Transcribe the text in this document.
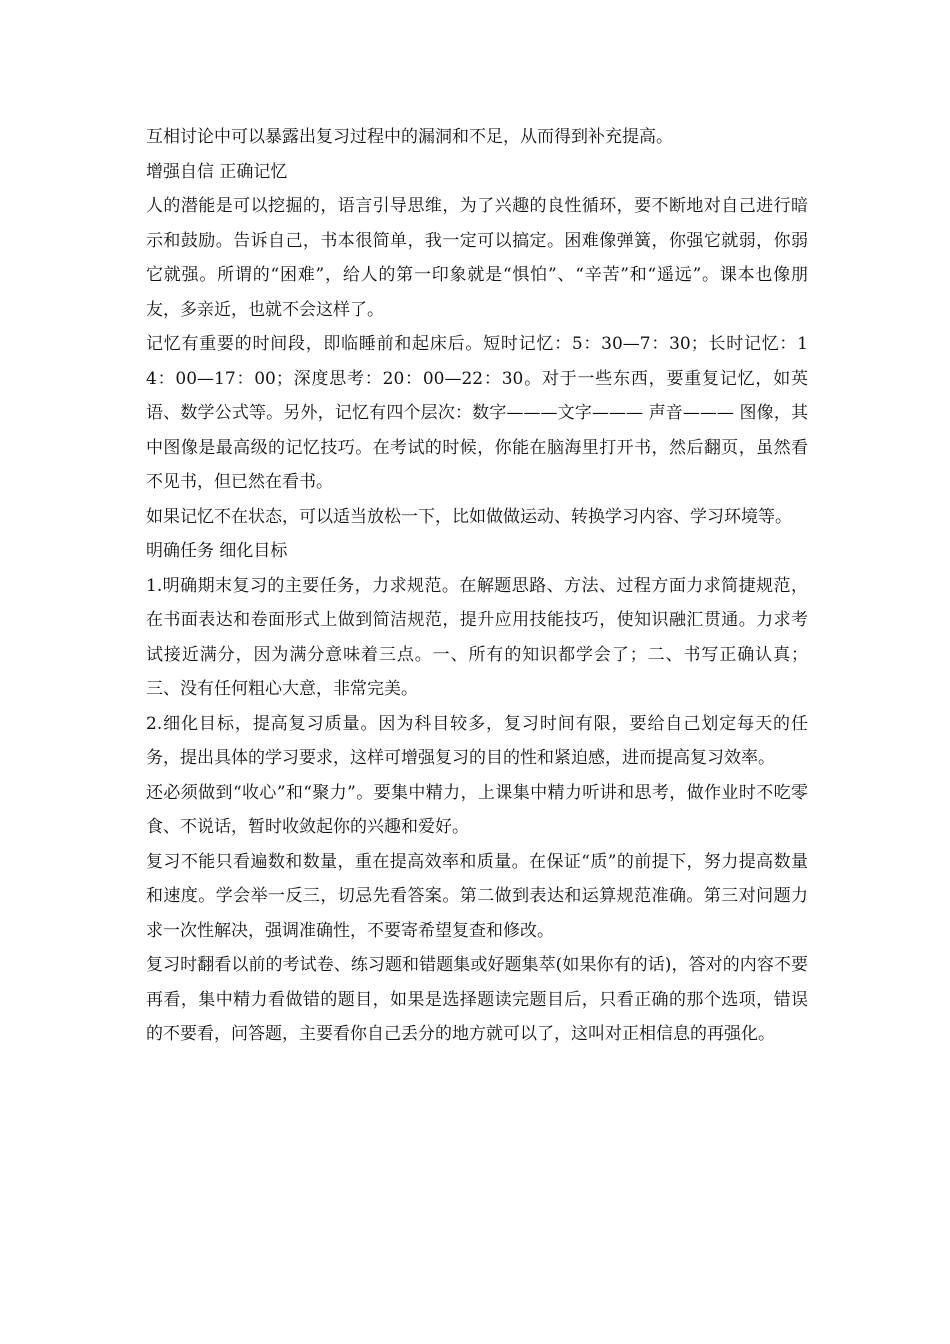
互相讨论中可以暴露出复习过程中的漏洞和不足，从而得到补充提高。

增强自信 正确记忆

人的潜能是可以挖掘的，语言引导思维，为了兴趣的良性循环，要不断地对自己进行暗示和鼓励。告诉自己，书本很简单，我一定可以搞定。困难像弹簧，你强它就弱，你弱它就强。所谓的“困难”，给人的第一印象就是“惧怕”、“辛苦”和“遥远”。课本也像朋友，多亲近，也就不会这样了。

记忆有重要的时间段，即临睡前和起床后。短时记忆：5：30—7：30；长时记忆：14：00—17：00；深度思考：20：00—22：30。对于一些东西，要重复记忆，如英语、数学公式等。另外，记忆有四个层次：数字———文字——— 声音——— 图像，其中图像是最高级的记忆技巧。在考试的时候，你能在脑海里打开书，然后翻页，虽然看不见书，但已然在看书。

如果记忆不在状态，可以适当放松一下，比如做做运动、转换学习内容、学习环境等。

明确任务 细化目标

1.明确期末复习的主要任务，力求规范。在解题思路、方法、过程方面力求简捷规范，在书面表达和卷面形式上做到简洁规范，提升应用技能技巧，使知识融汇贯通。力求考试接近满分，因为满分意味着三点。一、所有的知识都学会了；二、书写正确认真；三、没有任何粗心大意，非常完美。

2.细化目标，提高复习质量。因为科目较多，复习时间有限，要给自己划定每天的任务，提出具体的学习要求，这样可增强复习的目的性和紧迫感，进而提高复习效率。

还必须做到“收心”和“聚力”。要集中精力，上课集中精力听讲和思考，做作业时不吃零食、不说话，暂时收敛起你的兴趣和爱好。

复习不能只看遍数和数量，重在提高效率和质量。在保证“质”的前提下，努力提高数量和速度。学会举一反三，切忌先看答案。第二做到表达和运算规范准确。第三对问题力求一次性解决，强调准确性，不要寄希望复查和修改。

复习时翻看以前的考试卷、练习题和错题集或好题集萃(如果你有的话)，答对的内容不要再看，集中精力看做错的题目，如果是选择题读完题目后，只看正确的那个选项，错误的不要看，问答题，主要看你自己丢分的地方就可以了，这叫对正相信息的再强化。
